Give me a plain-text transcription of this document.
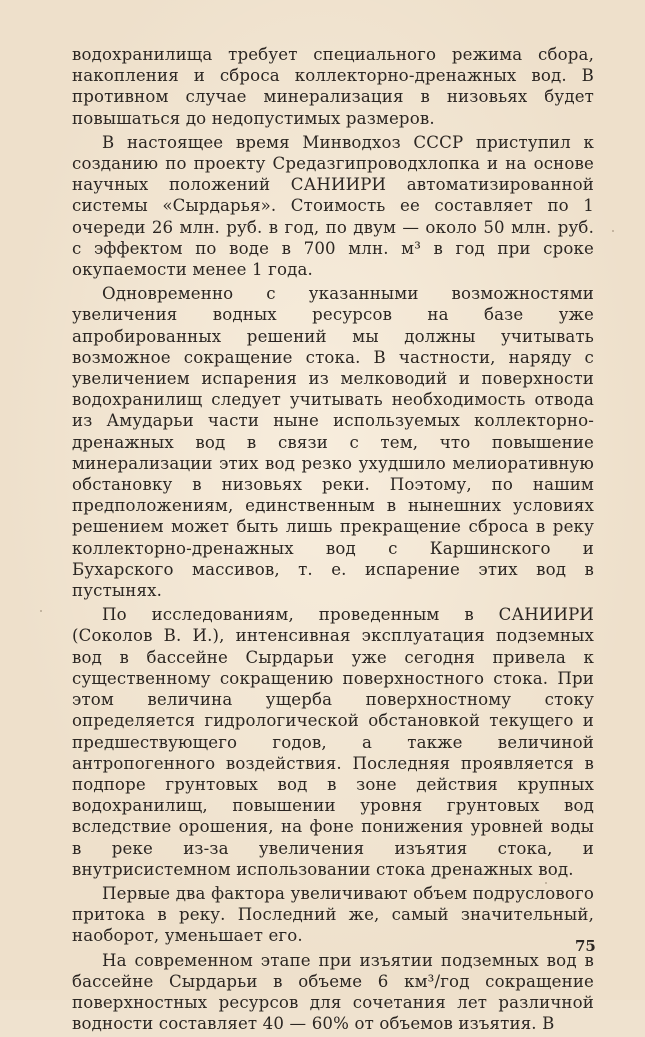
водохранилища требует специального режима сбора, накопления и сброса коллекторно-дренажных вод. В противном случае минерализация в низовьях будет повышаться до недопустимых размеров.

В настоящее время Минводхоз СССР приступил к созданию по проекту Средазгипроводхлопка и на основе научных положений САНИИРИ автоматизированной системы «Сырдарья». Стоимость ее составляет по 1 очереди 26 млн. руб. в год, по двум — около 50 млн. руб. с эффектом по воде в 700 млн. м³ в год при сроке окупаемости менее 1 года.

Одновременно с указанными возможностями увеличения водных ресурсов на базе уже апробированных решений мы должны учитывать возможное сокращение стока. В частности, наряду с увеличением испарения из мелководий и поверхности водохранилищ следует учитывать необходимость отвода из Амударьи части ныне используемых коллекторно-дренажных вод в связи с тем, что повышение минерализации этих вод резко ухудшило мелиоративную обстановку в низовьях реки. Поэтому, по нашим предположениям, единственным в нынешних условиях решением может быть лишь прекращение сброса в реку коллекторно-дренажных вод с Каршинского и Бухарского массивов, т. е. испарение этих вод в пустынях.

По исследованиям, проведенным в САНИИРИ (Соколов В. И.), интенсивная эксплуатация подземных вод в бассейне Сырдарьи уже сегодня привела к существенному сокращению поверхностного стока. При этом величина ущерба поверхностному стоку определяется гидрологической обстановкой текущего и предшествующего годов, а также величиной антропогенного воздействия. Последняя проявляется в подпоре грунтовых вод в зоне действия крупных водохранилищ, повышении уровня грунтовых вод вследствие орошения, на фоне понижения уровней воды в реке из-за увеличения изъятия стока, и внутрисистемном использовании стока дренажных вод.

Первые два фактора увеличивают объем подруслового притока в реку. Последний же, самый значительный, наоборот, уменьшает его.

На современном этапе при изъятии подземных вод в бассейне Сырдарьи в объеме 6 км³/год сокращение поверхностных ресурсов для сочетания лет различной водности составляет 40 — 60% от объемов изъятия. В

75
